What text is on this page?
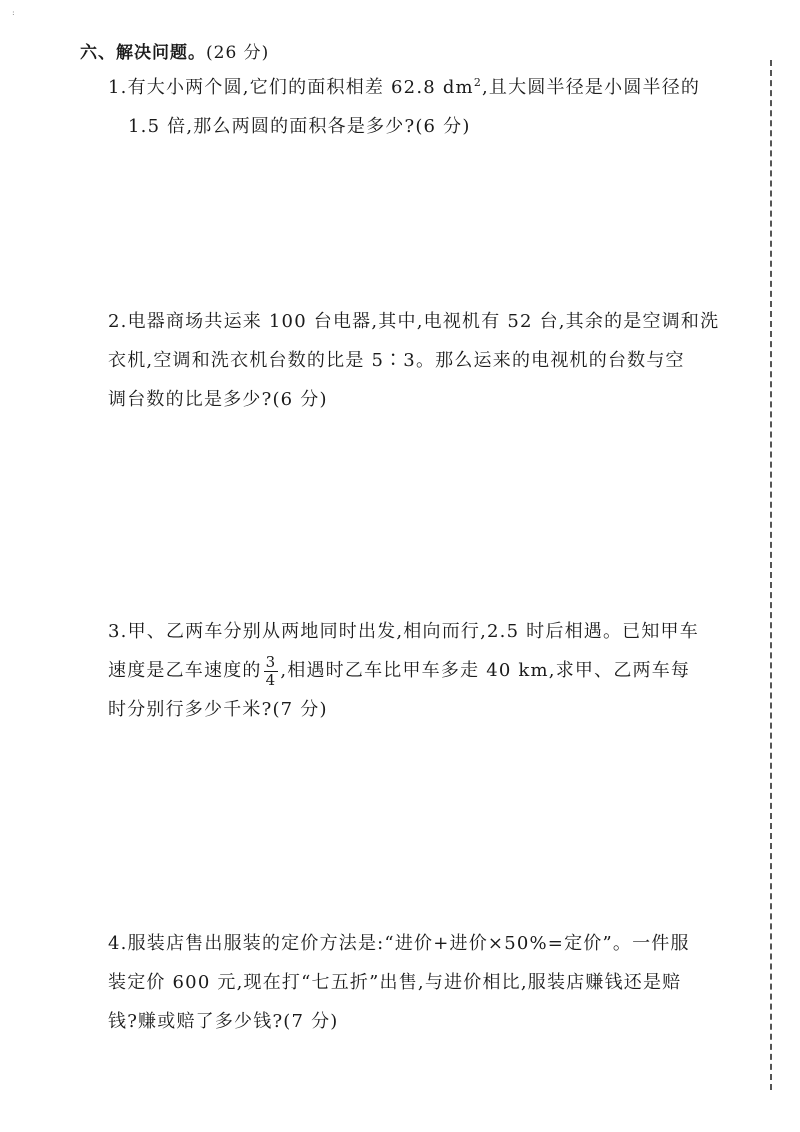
:
六、解决问题。(26 分)
1.有大小两个圆,它们的面积相差 62.8 $dm^2$,且大圆半径是小圆半径的
1.5 倍,那么两圆的面积各是多少?(6 分)
2.电器商场共运来 100 台电器,其中,电视机有 52 台,其余的是空调和洗
衣机,空调和洗衣机台数的比是 5∶3。那么运来的电视机的台数与空
调台数的比是多少?(6 分)
3.甲、乙两车分别从两地同时出发,相向而行,2.5 时后相遇。已知甲车
速度是乙车速度的 $\frac{3}{4}$ ,相遇时乙车比甲车多走 40 km,求甲、乙两车每
时分别行多少千米?(7 分)
4.服装店售出服装的定价方法是:“进价+进价×50%=定价”。一件服
装定价 600 元,现在打“七五折”出售,与进价相比,服装店赚钱还是赔
钱?赚或赔了多少钱?(7 分)
